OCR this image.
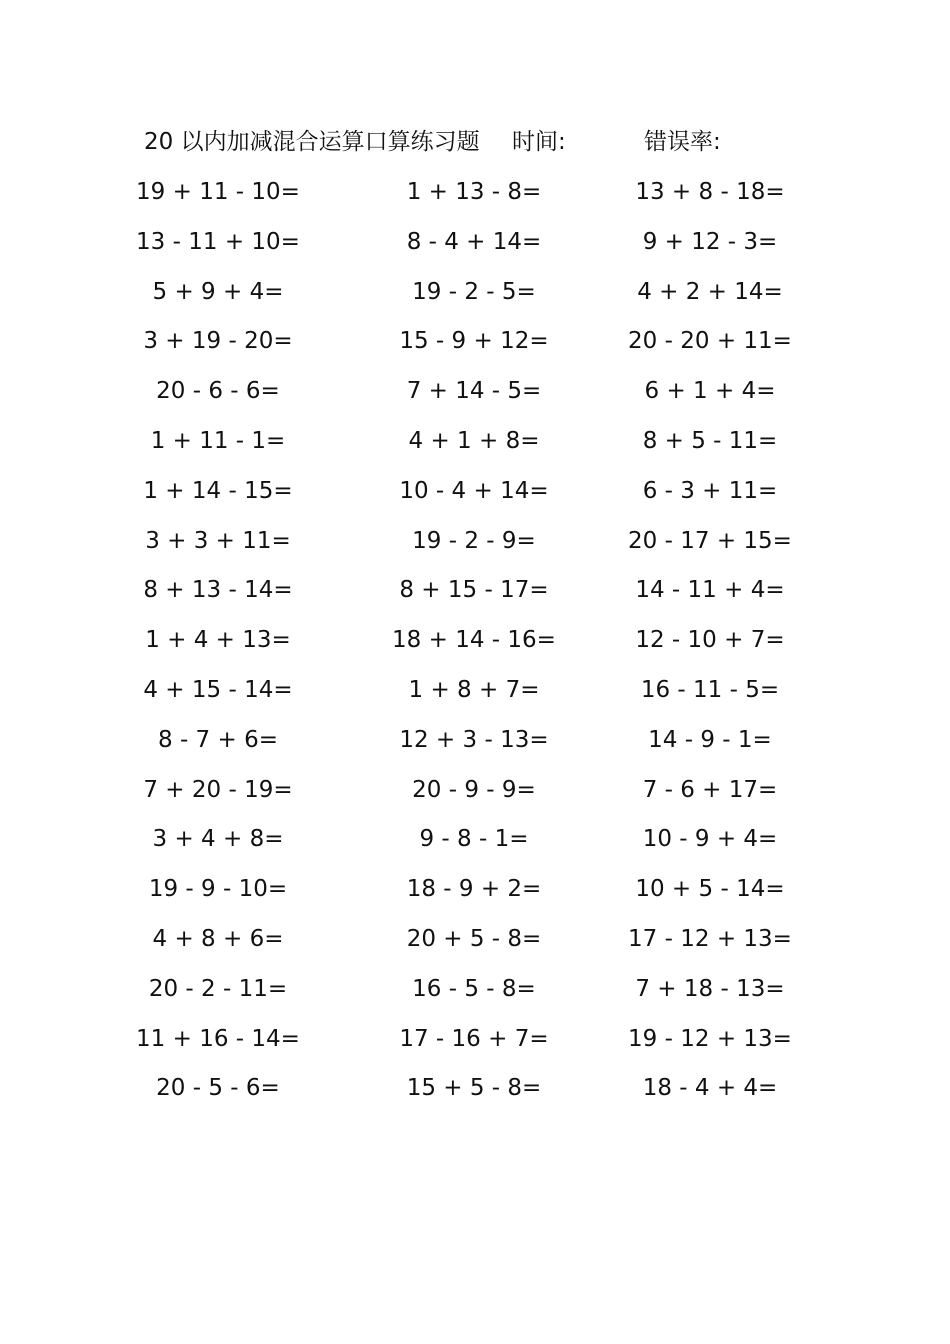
20 以内加减混合运算口算练习题 时间:	错误率:
19 + 11 - 10=	1 + 13 - 8=	13 + 8 - 18=
13 - 11 + 10=	8 - 4 + 14=	9 + 12 - 3=
5 + 9 + 4=	19 - 2 - 5=	4 + 2 + 14=
3 + 19 - 20=	15 - 9 + 12=	20 - 20 + 11=
20 - 6 - 6=	7 + 14 - 5=	6 + 1 + 4=
1 + 11 - 1=	4 + 1 + 8=	8 + 5 - 11=
1 + 14 - 15=	10 - 4 + 14=	6 - 3 + 11=
3 + 3 + 11=	19 - 2 - 9=	20 - 17 + 15=
8 + 13 - 14=	8 + 15 - 17=	14 - 11 + 4=
1 + 4 + 13=	18 + 14 - 16=	12 - 10 + 7=
4 + 15 - 14=	1 + 8 + 7=	16 - 11 - 5=
8 - 7 + 6=	12 + 3 - 13=	14 - 9 - 1=
7 + 20 - 19=	20 - 9 - 9=	7 - 6 + 17=
3 + 4 + 8=	9 - 8 - 1=	10 - 9 + 4=
19 - 9 - 10=	18 - 9 + 2=	10 + 5 - 14=
4 + 8 + 6=	20 + 5 - 8=	17 - 12 + 13=
20 - 2 - 11=	16 - 5 - 8=	7 + 18 - 13=
11 + 16 - 14=	17 - 16 + 7=	19 - 12 + 13=
20 - 5 - 6=	15 + 5 - 8=	18 - 4 + 4=
